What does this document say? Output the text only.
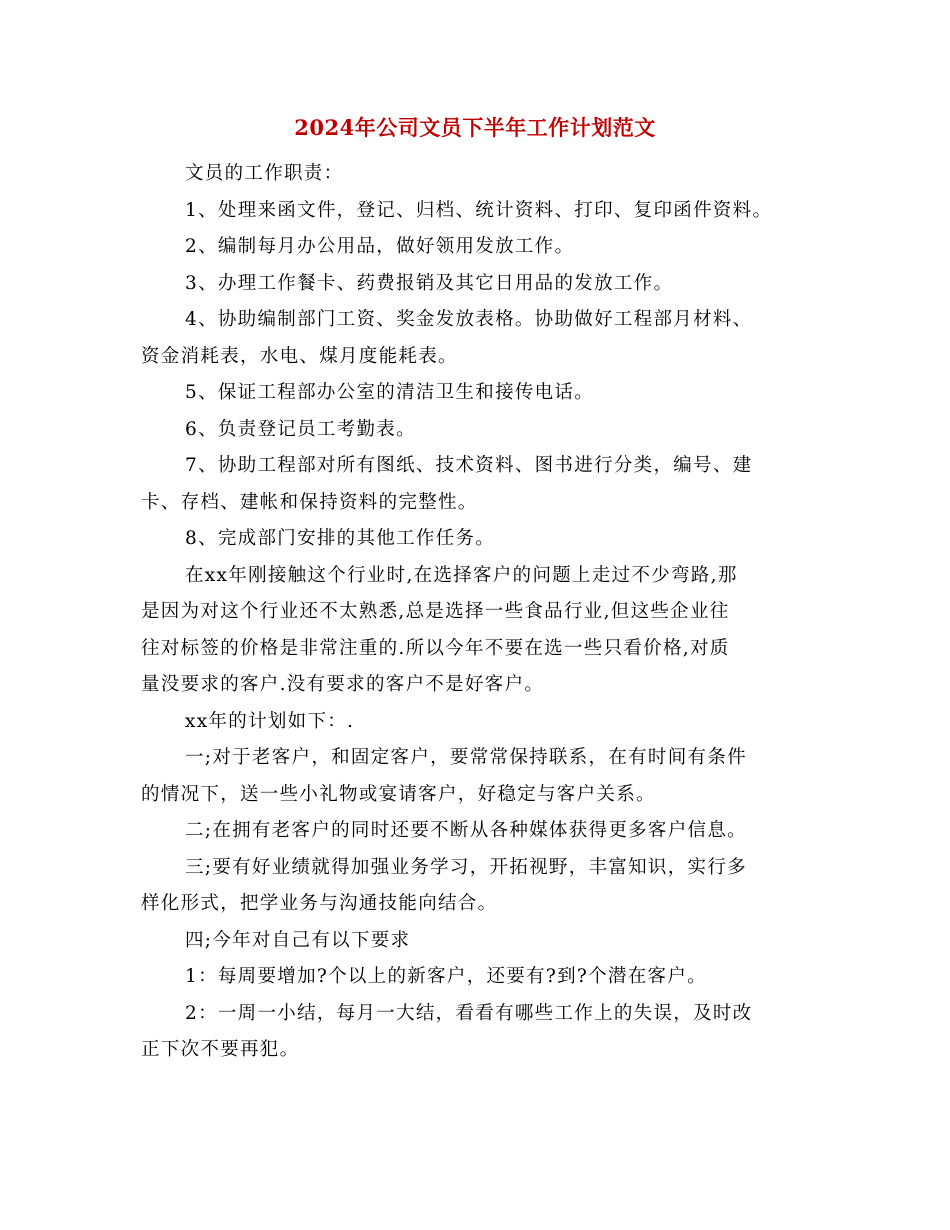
2024年公司文员下半年工作计划范文

文员的工作职责：

1、处理来函文件，登记、归档、统计资料、打印、复印函件资料。

2、编制每月办公用品，做好领用发放工作。

3、办理工作餐卡、药费报销及其它日用品的发放工作。

4、协助编制部门工资、奖金发放表格。协助做好工程部月材料、
资金消耗表，水电、煤月度能耗表。

5、保证工程部办公室的清洁卫生和接传电话。

6、负责登记员工考勤表。

7、协助工程部对所有图纸、技术资料、图书进行分类，编号、建
卡、存档、建帐和保持资料的完整性。

8、完成部门安排的其他工作任务。

在xx年刚接触这个行业时,在选择客户的问题上走过不少弯路,那
是因为对这个行业还不太熟悉,总是选择一些食品行业,但这些企业往
往对标签的价格是非常注重的.所以今年不要在选一些只看价格,对质
量没要求的客户.没有要求的客户不是好客户。

xx年的计划如下：.

一;对于老客户，和固定客户，要常常保持联系，在有时间有条件
的情况下，送一些小礼物或宴请客户，好稳定与客户关系。

二;在拥有老客户的同时还要不断从各种媒体获得更多客户信息。

三;要有好业绩就得加强业务学习，开拓视野，丰富知识，实行多
样化形式，把学业务与沟通技能向结合。

四;今年对自己有以下要求

1：每周要增加?个以上的新客户，还要有?到?个潜在客户。

2：一周一小结，每月一大结，看看有哪些工作上的失误，及时改
正下次不要再犯。
